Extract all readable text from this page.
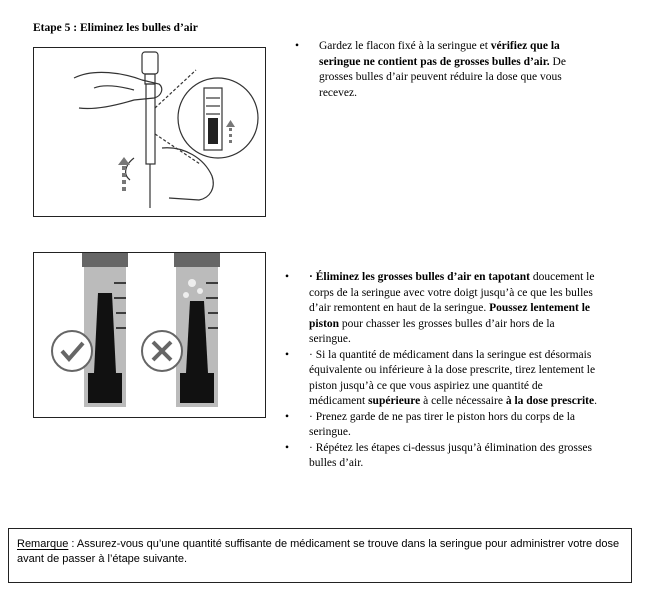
Etape 5 : Eliminez les bulles d’air
• Gardez le flacon fixé à la seringue et vérifiez que la seringue ne contient pas de grosses bulles d’air. De grosses bulles d’air peuvent réduire la dose que vous recevez.
• · Éliminez les grosses bulles d’air en tapotant doucement le corps de la seringue avec votre doigt jusqu’à ce que les bulles d’air remontent en haut de la seringue. Poussez lentement le piston pour chasser les grosses bulles d’air hors de la seringue.
• · Si la quantité de médicament dans la seringue est désormais équivalente ou inférieure à la dose prescrite, tirez lentement le piston jusqu’à ce que vous aspiriez une quantité de médicament supérieure à celle nécessaire à la dose prescrite.
• · Prenez garde de ne pas tirer le piston hors du corps de la seringue.
• · Répétez les étapes ci-dessus jusqu’à élimination des grosses bulles d’air.
Remarque : Assurez-vous qu’une quantité suffisante de médicament se trouve dans la seringue pour administrer votre dose avant de passer à l’étape suivante.
